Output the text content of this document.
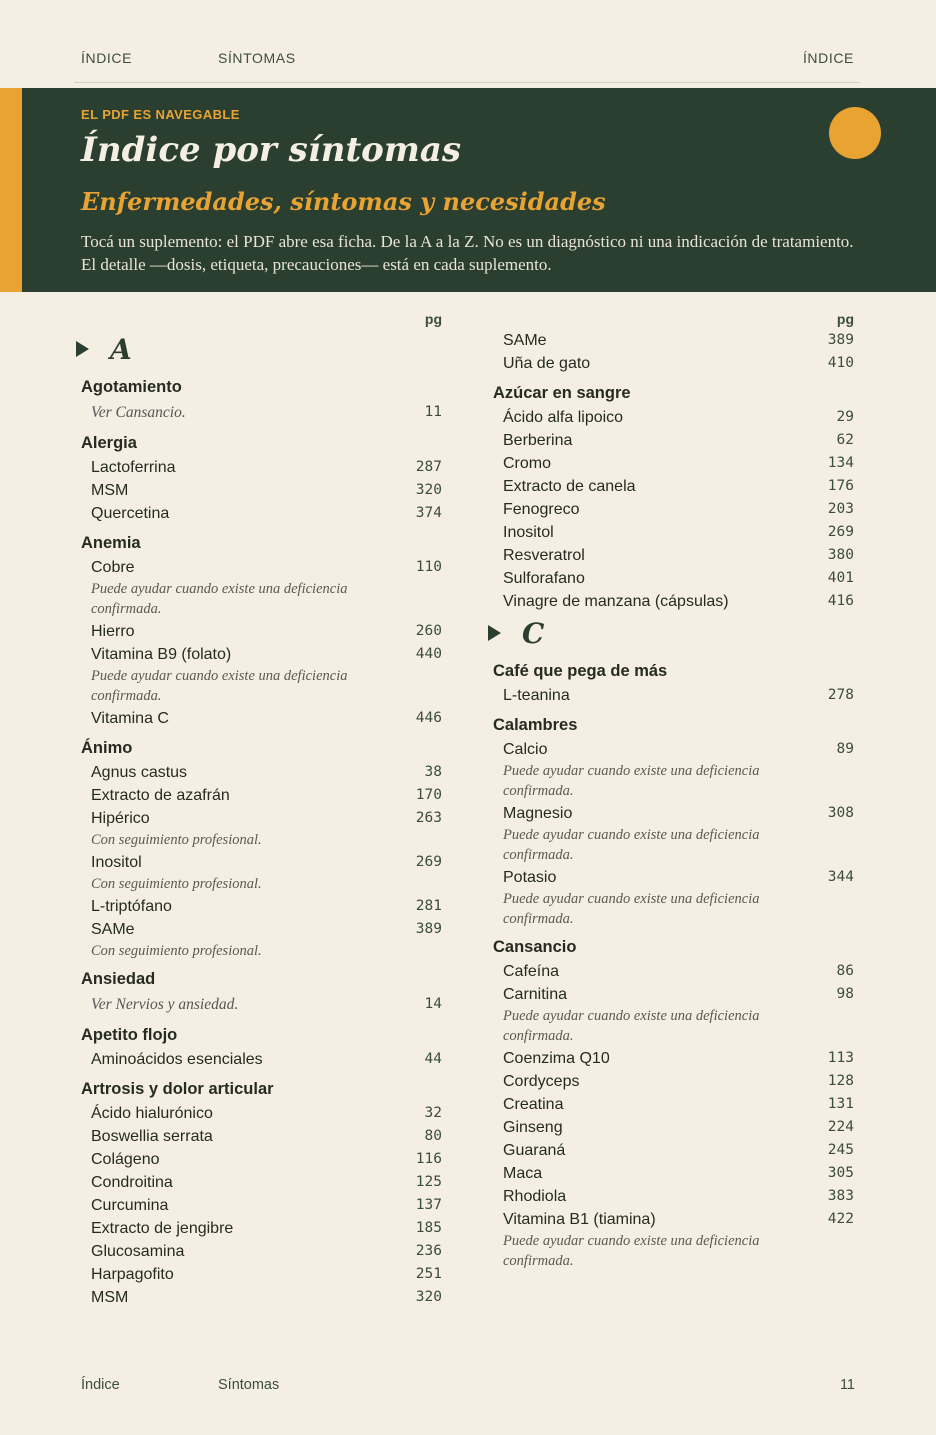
ÍNDICE	SÍNTOMAS	ÍNDICE
EL PDF ES NAVEGABLE
Índice por síntomas
Enfermedades, síntomas y necesidades

Tocá un suplemento: el PDF abre esa ficha. De la A a la Z. No es un diagnóstico ni una indicación de tratamiento. El detalle —dosis, etiqueta, precauciones— está en cada suplemento.

pg
A
Agotamiento
Ver Cansancio.	11
Alergia
Lactoferrina	287
MSM	320
Quercetina	374
Anemia
Cobre	110
Puede ayudar cuando existe una deficiencia confirmada.
Hierro	260
Vitamina B9 (folato)	440
Puede ayudar cuando existe una deficiencia confirmada.
Vitamina C	446
Ánimo
Agnus castus	38
Extracto de azafrán	170
Hipérico	263
Con seguimiento profesional.
Inositol	269
Con seguimiento profesional.
L-triptófano	281
SAMe	389
Con seguimiento profesional.
Ansiedad
Ver Nervios y ansiedad.	14
Apetito flojo
Aminoácidos esenciales	44
Artrosis y dolor articular
Ácido hialurónico	32
Boswellia serrata	80
Colágeno	116
Condroitina	125
Curcumina	137
Extracto de jengibre	185
Glucosamina	236
Harpagofito	251
MSM	320
pg
SAMe	389
Uña de gato	410
Azúcar en sangre
Ácido alfa lipoico	29
Berberina	62
Cromo	134
Extracto de canela	176
Fenogreco	203
Inositol	269
Resveratrol	380
Sulforafano	401
Vinagre de manzana (cápsulas)	416
C
Café que pega de más
L-teanina	278
Calambres
Calcio	89
Puede ayudar cuando existe una deficiencia confirmada.
Magnesio	308
Puede ayudar cuando existe una deficiencia confirmada.
Potasio	344
Puede ayudar cuando existe una deficiencia confirmada.
Cansancio
Cafeína	86
Carnitina	98
Puede ayudar cuando existe una deficiencia confirmada.
Coenzima Q10	113
Cordyceps	128
Creatina	131
Ginseng	224
Guaraná	245
Maca	305
Rhodiola	383
Vitamina B1 (tiamina)	422
Puede ayudar cuando existe una deficiencia confirmada.
Índice	Síntomas	11
